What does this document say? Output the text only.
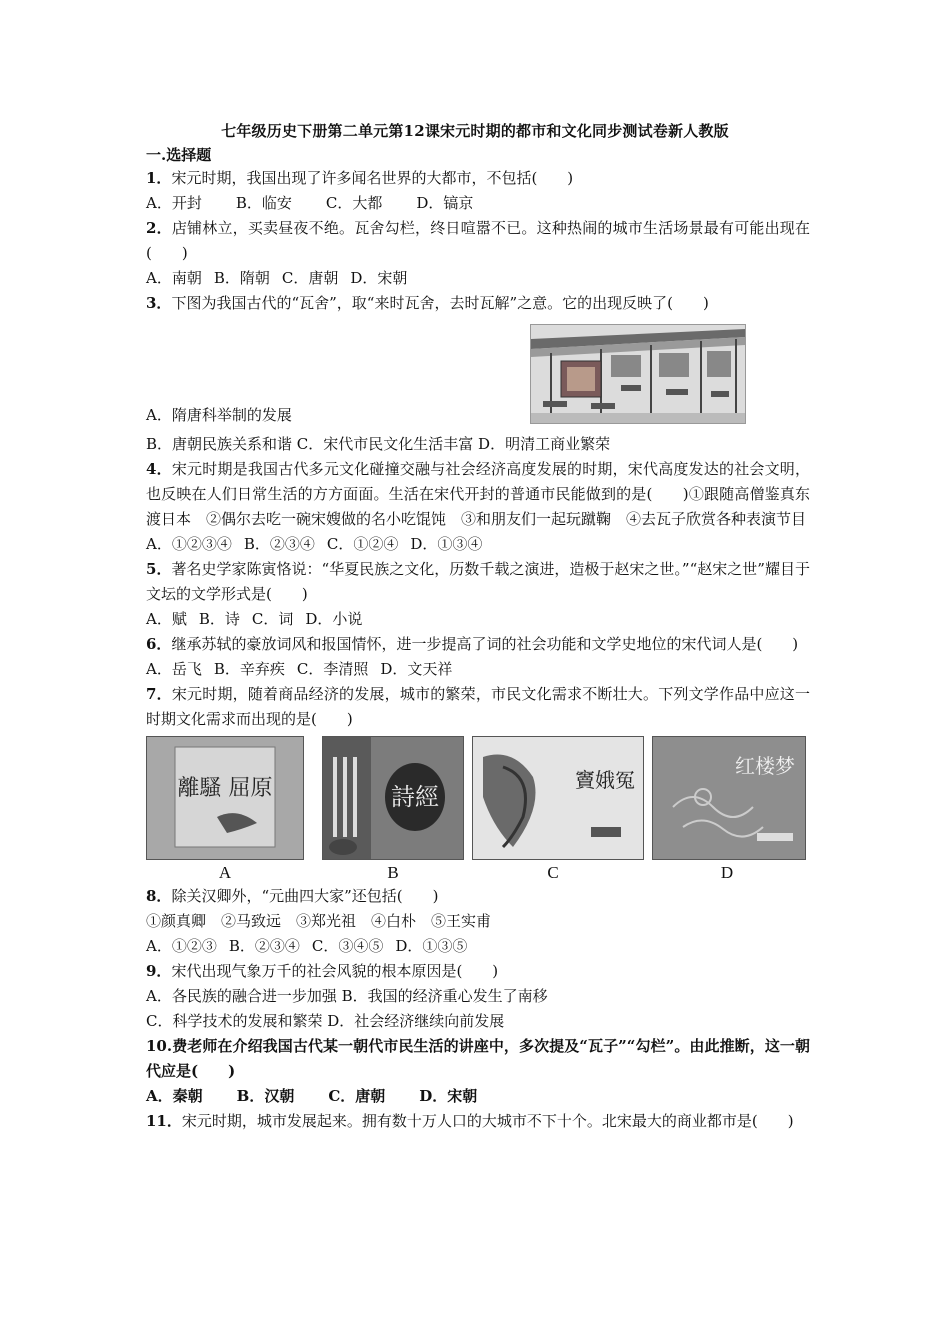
七年级历史下册第二单元第12课宋元时期的都市和文化同步测试卷新人教版
一.选择题
1．宋元时期，我国出现了许多闻名世界的大都市，不包括(　　)
A．开封 B．临安 C．大都 D．镐京
2．店铺林立，买卖昼夜不绝。瓦舍勾栏，终日喧嚣不已。这种热闹的城市生活场景最有可能出现在(　　)
A．南朝 B．隋朝 C．唐朝 D．宋朝
3．下图为我国古代的“瓦舍”，取“来时瓦舍，去时瓦解”之意。它的出现反映了(　　)
A．隋唐科举制的发展
B．唐朝民族关系和谐 C．宋代市民文化生活丰富 D．明清工商业繁荣
4．宋元时期是我国古代多元文化碰撞交融与社会经济高度发展的时期，宋代高度发达的社会文明，也反映在人们日常生活的方方面面。生活在宋代开封的普通市民能做到的是(　　)①跟随高僧鉴真东渡日本　②偶尔去吃一碗宋嫂做的名小吃馄饨　③和朋友们一起玩蹴鞠　④去瓦子欣赏各种表演节目
A．①②③④ B．②③④ C．①②④ D．①③④
5．著名史学家陈寅恪说：“华夏民族之文化，历数千载之演进，造极于赵宋之世。”“赵宋之世”耀目于文坛的文学形式是(　　)
A．赋 B．诗 C．词 D．小说
6．继承苏轼的豪放词风和报国情怀，进一步提高了词的社会功能和文学史地位的宋代词人是(　　)
A．岳飞 B．辛弃疾 C．李清照 D．文天祥
7．宋元时期，随着商品经济的发展，城市的繁荣，市民文化需求不断壮大。下列文学作品中应这一时期文化需求而出现的是(　　)
離騷 屈原	詩經
竇娥冤
红楼梦
A	B	C	D
8．除关汉卿外，“元曲四大家”还包括(　　)
①颜真卿　②马致远　③郑光祖　④白朴　⑤王实甫
A．①②③ B．②③④ C．③④⑤ D．①③⑤
9．宋代出现气象万千的社会风貌的根本原因是(　　)
A．各民族的融合进一步加强 B．我国的经济重心发生了南移
C．科学技术的发展和繁荣 D．社会经济继续向前发展
10.费老师在介绍我国古代某一朝代市民生活的讲座中，多次提及“瓦子”“勾栏”。由此推断，这一朝代应是(　　)
A．秦朝 B．汉朝 C．唐朝 D．宋朝
11．宋元时期，城市发展起来。拥有数十万人口的大城市不下十个。北宋最大的商业都市是(　　)
